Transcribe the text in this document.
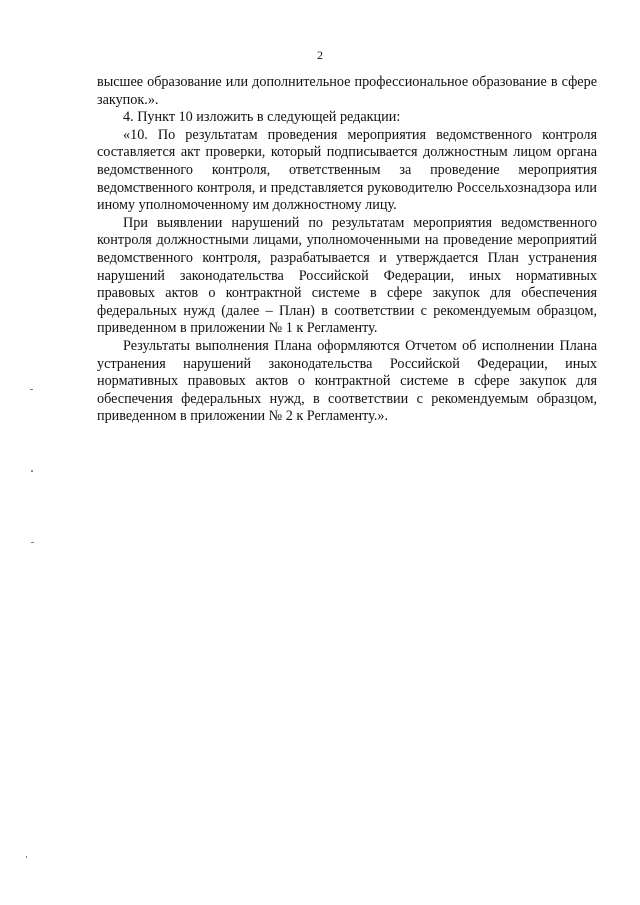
2

высшее образование или дополнительное профессиональное образование в сфере закупок.».

4. Пункт 10 изложить в следующей редакции:

«10. По результатам проведения мероприятия ведомственного контроля составляется акт проверки, который подписывается должностным лицом органа ведомственного контроля, ответственным за проведение мероприятия ведомственного контроля, и представляется руководителю Россельхознадзора или иному уполномоченному им должностному лицу.

При выявлении нарушений по результатам мероприятия ведомственного контроля должностными лицами, уполномоченными на проведение мероприятий ведомственного контроля, разрабатывается и утверждается План устранения нарушений законодательства Российской Федерации, иных нормативных правовых актов о контрактной системе в сфере закупок для обеспечения федеральных нужд (далее – План) в соответствии с рекомендуемым образцом, приведенном в приложении № 1 к Регламенту.

Результаты выполнения Плана оформляются Отчетом об исполнении Плана устранения нарушений законодательства Российской Федерации, иных нормативных правовых актов о контрактной системе в сфере закупок для обеспечения федеральных нужд, в соответствии с рекомендуемым образцом, приведенном в приложении № 2 к Регламенту.».
